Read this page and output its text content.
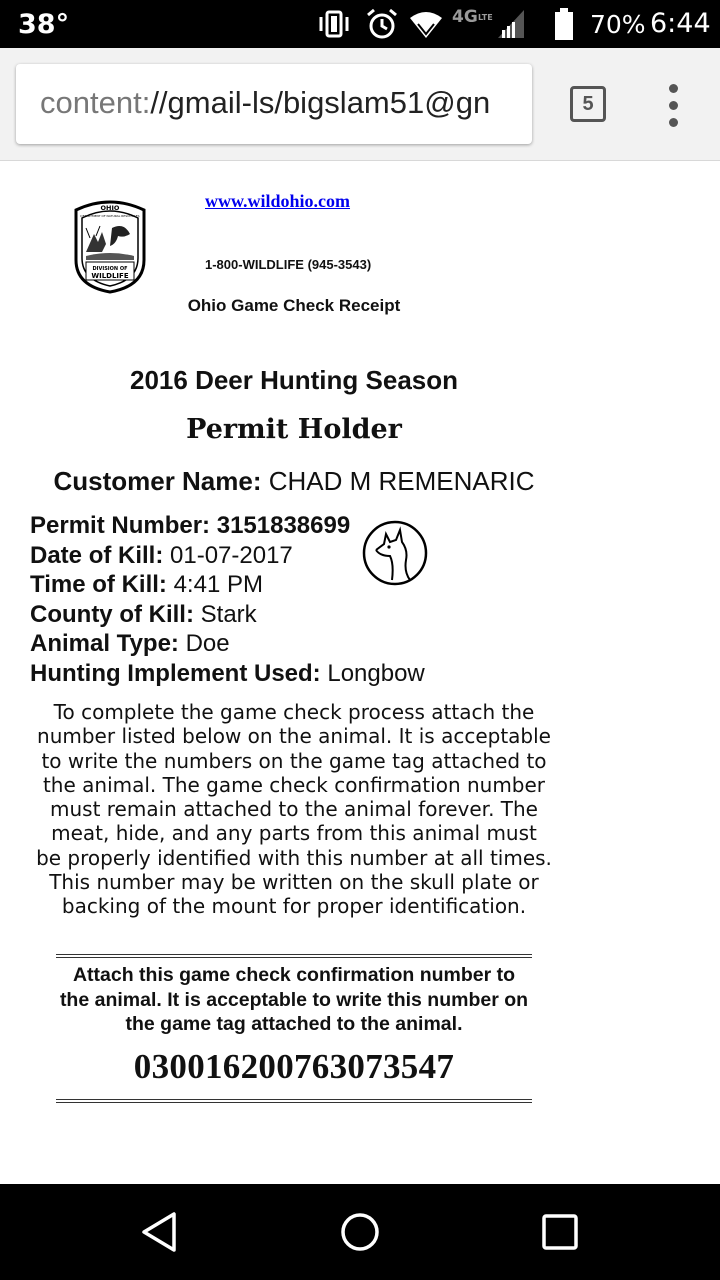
38°	4G LTE	70% 6:44
content://gmail-ls/bigslam51@gn	5
OHIO
DEPARTMENT OF NATURAL RESOURCES
DIVISION OF
WILDLIFE
www.wildohio.com
1-800-WILDLIFE (945-3543)
Ohio Game Check Receipt
2016 Deer Hunting Season
Permit Holder
Customer Name: CHAD M REMENARIC
Permit Number: 3151838699
Date of Kill: 01-07-2017
Time of Kill: 4:41 PM
County of Kill: Stark
Animal Type: Doe
Hunting Implement Used: Longbow
To complete the game check process attach the number listed below on the animal. It is acceptable to write the numbers on the game tag attached to the animal. The game check confirmation number must remain attached to the animal forever. The meat, hide, and any parts from this animal must be properly identified with this number at all times. This number may be written on the skull plate or backing of the mount for proper identification.
Attach this game check confirmation number to the animal. It is acceptable to write this number on the game tag attached to the animal.
030016200763073547
